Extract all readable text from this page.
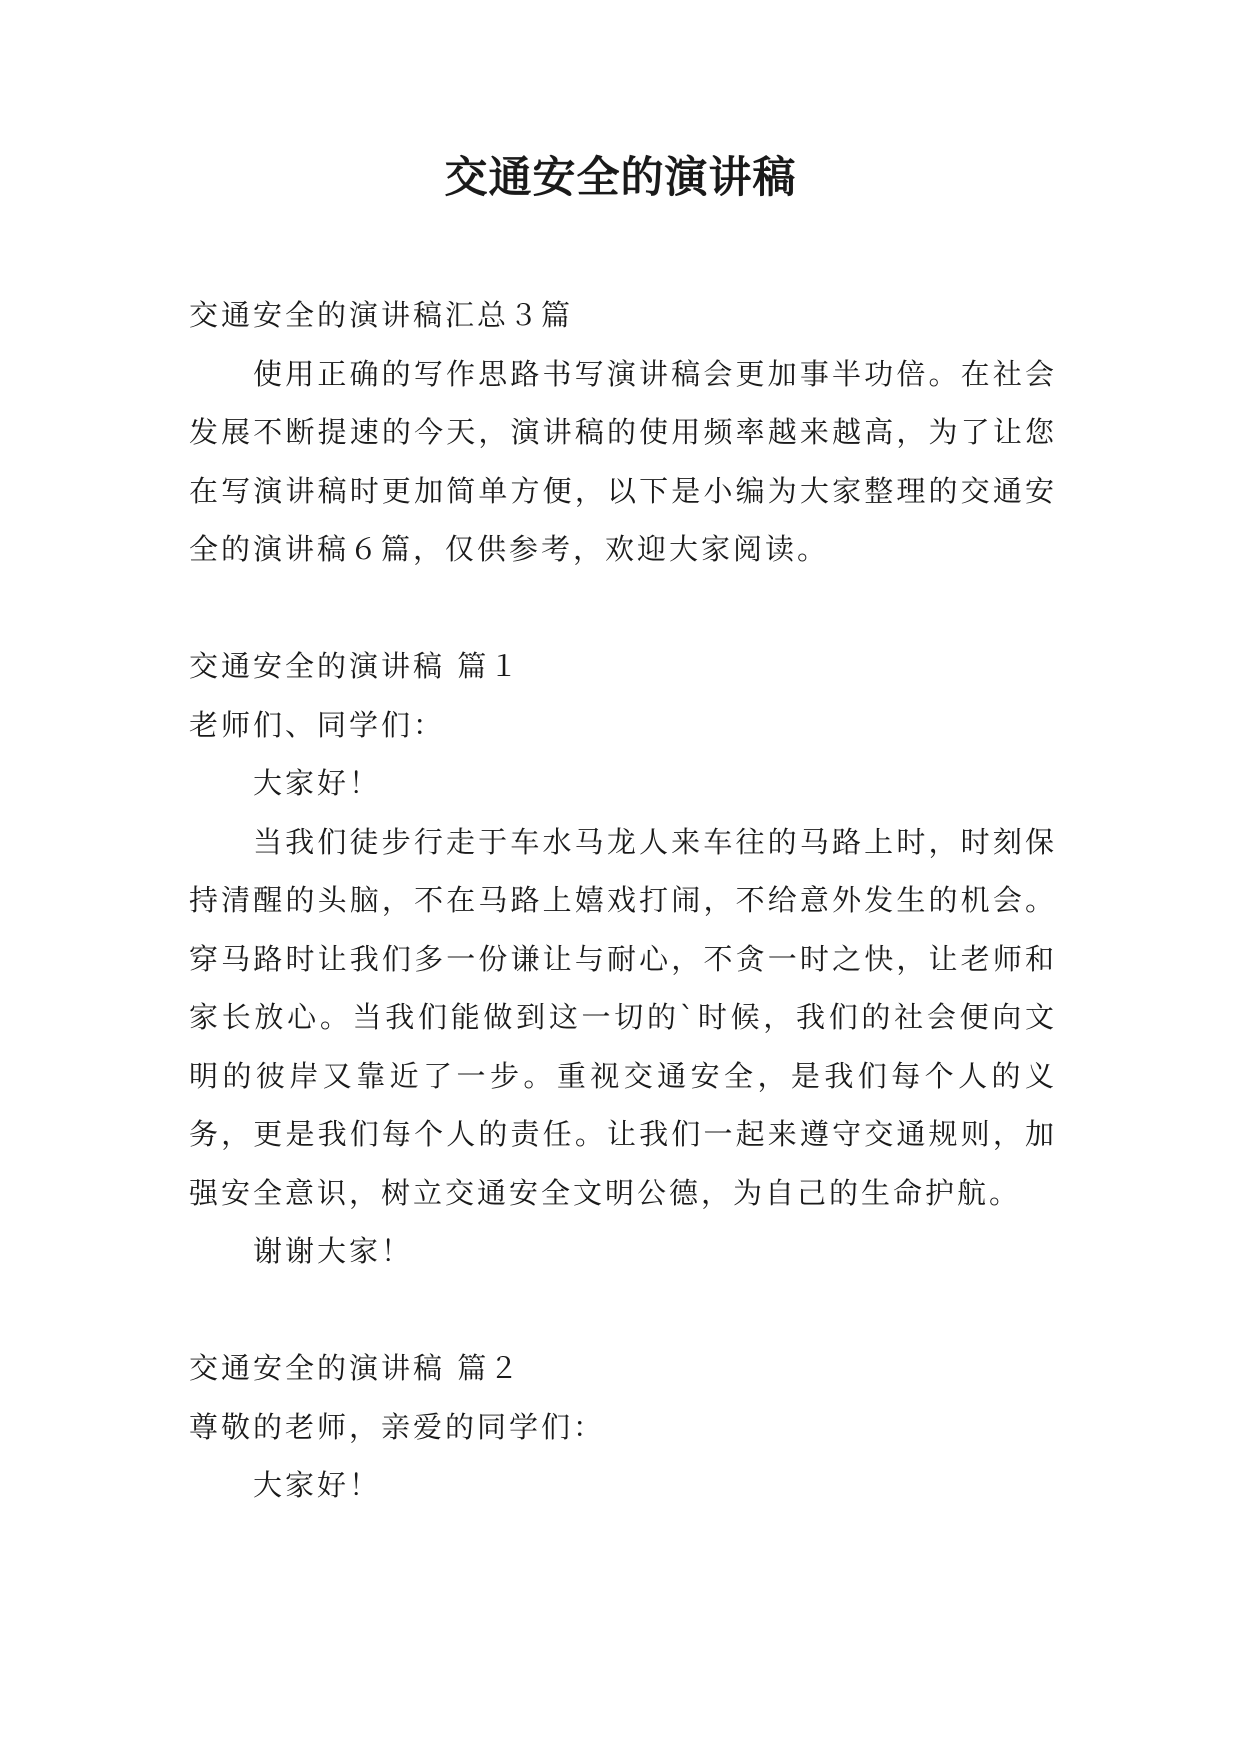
交通安全的演讲稿

交通安全的演讲稿汇总３篇

使用正确的写作思路书写演讲稿会更加事半功倍。在社会发展不断提速的今天，演讲稿的使用频率越来越高，为了让您在写演讲稿时更加简单方便，以下是小编为大家整理的交通安全的演讲稿６篇，仅供参考，欢迎大家阅读。

交通安全的演讲稿 篇１

老师们、同学们：

大家好！

当我们徒步行走于车水马龙人来车往的马路上时，时刻保持清醒的头脑，不在马路上嬉戏打闹，不给意外发生的机会。穿马路时让我们多一份谦让与耐心，不贪一时之快，让老师和家长放心。当我们能做到这一切的`时候，我们的社会便向文明的彼岸又靠近了一步。重视交通安全，是我们每个人的义务，更是我们每个人的责任。让我们一起来遵守交通规则，加强安全意识，树立交通安全文明公德，为自己的生命护航。

谢谢大家！

交通安全的演讲稿 篇２

尊敬的老师，亲爱的同学们：

大家好！
